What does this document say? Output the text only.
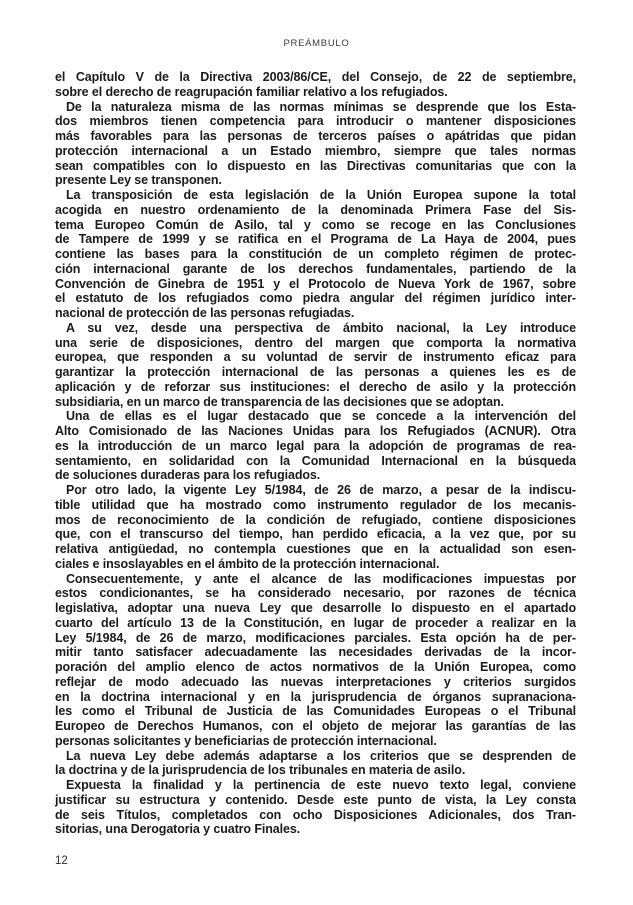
PREÁMBULO
el Capítulo V de la Directiva 2003/86/CE, del Consejo, de 22 de septiembre,
sobre el derecho de reagrupación familiar relativo a los refugiados.
De la naturaleza misma de las normas mínimas se desprende que los Esta-
dos miembros tienen competencia para introducir o mantener disposiciones
más favorables para las personas de terceros países o apátridas que pidan
protección internacional a un Estado miembro, siempre que tales normas
sean compatibles con lo dispuesto en las Directivas comunitarias que con la
presente Ley se transponen.
La transposición de esta legislación de la Unión Europea supone la total
acogida en nuestro ordenamiento de la denominada Primera Fase del Sis-
tema Europeo Común de Asilo, tal y como se recoge en las Conclusiones
de Tampere de 1999 y se ratifica en el Programa de La Haya de 2004, pues
contiene las bases para la constitución de un completo régimen de protec-
ción internacional garante de los derechos fundamentales, partiendo de la
Convención de Ginebra de 1951 y el Protocolo de Nueva York de 1967, sobre
el estatuto de los refugiados como piedra angular del régimen jurídico inter-
nacional de protección de las personas refugiadas.
A su vez, desde una perspectiva de ámbito nacional, la Ley introduce
una serie de disposiciones, dentro del margen que comporta la normativa
europea, que responden a su voluntad de servir de instrumento eficaz para
garantizar la protección internacional de las personas a quienes les es de
aplicación y de reforzar sus instituciones: el derecho de asilo y la protección
subsidiaria, en un marco de transparencia de las decisiones que se adoptan.
Una de ellas es el lugar destacado que se concede a la intervención del
Alto Comisionado de las Naciones Unidas para los Refugiados (ACNUR). Otra
es la introducción de un marco legal para la adopción de programas de rea-
sentamiento, en solidaridad con la Comunidad Internacional en la búsqueda
de soluciones duraderas para los refugiados.
Por otro lado, la vigente Ley 5/1984, de 26 de marzo, a pesar de la indiscu-
tible utilidad que ha mostrado como instrumento regulador de los mecanis-
mos de reconocimiento de la condición de refugiado, contiene disposiciones
que, con el transcurso del tiempo, han perdido eficacia, a la vez que, por su
relativa antigüedad, no contempla cuestiones que en la actualidad son esen-
ciales e insoslayables en el ámbito de la protección internacional.
Consecuentemente, y ante el alcance de las modificaciones impuestas por
estos condicionantes, se ha considerado necesario, por razones de técnica
legislativa, adoptar una nueva Ley que desarrolle lo dispuesto en el apartado
cuarto del artículo 13 de la Constitución, en lugar de proceder a realizar en la
Ley 5/1984, de 26 de marzo, modificaciones parciales. Esta opción ha de per-
mitir tanto satisfacer adecuadamente las necesidades derivadas de la incor-
poración del amplio elenco de actos normativos de la Unión Europea, como
reflejar de modo adecuado las nuevas interpretaciones y criterios surgidos
en la doctrina internacional y en la jurisprudencia de órganos supranaciona-
les como el Tribunal de Justicia de las Comunidades Europeas o el Tribunal
Europeo de Derechos Humanos, con el objeto de mejorar las garantías de las
personas solicitantes y beneficiarias de protección internacional.
La nueva Ley debe además adaptarse a los criterios que se desprenden de
la doctrina y de la jurisprudencia de los tribunales en materia de asilo.
Expuesta la finalidad y la pertinencia de este nuevo texto legal, conviene
justificar su estructura y contenido. Desde este punto de vista, la Ley consta
de seis Títulos, completados con ocho Disposiciones Adicionales, dos Tran-
sitorias, una Derogatoria y cuatro Finales.
12
